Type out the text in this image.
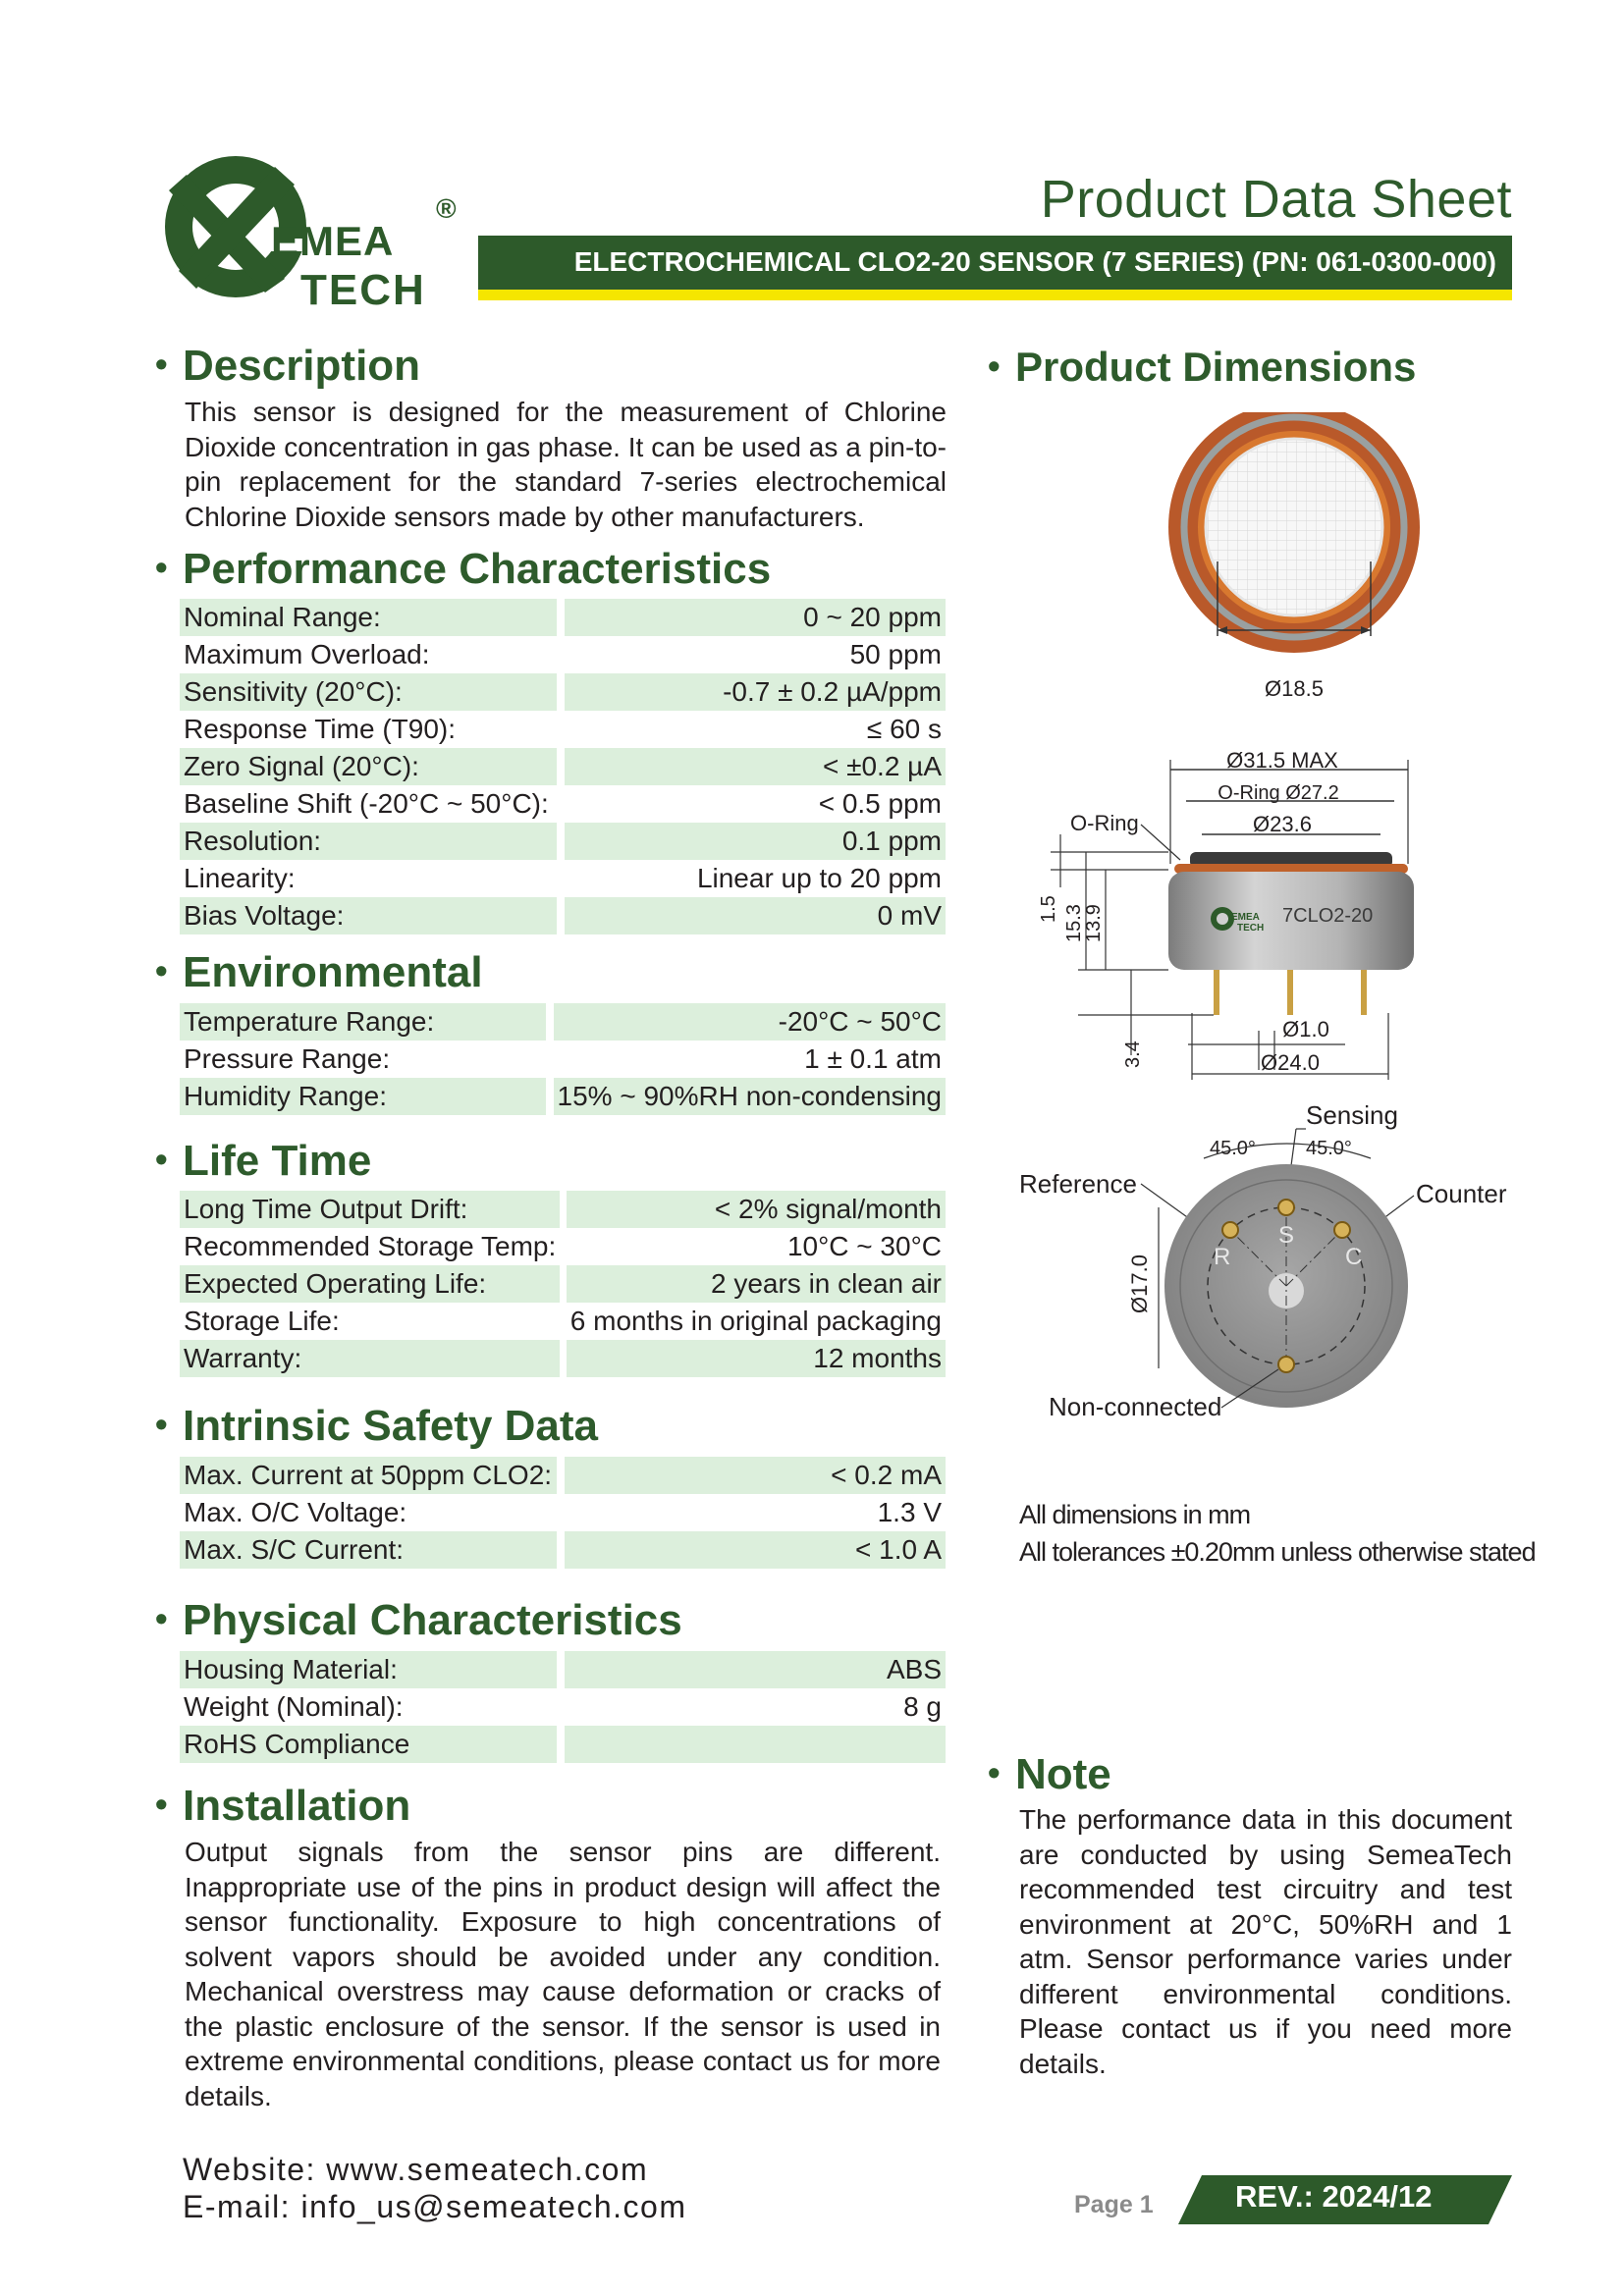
EMEA
TECH
®	Product Data Sheet
ELECTROCHEMICAL CLO2-20 SENSOR (7 SERIES) (PN: 061-0300-000)
• Description
This sensor is designed for the measurement of Chlorine Dioxide concentration in gas phase. It can be used as a pin-to-pin replacement for the standard 7-series electrochemical Chlorine Dioxide sensors made by other manufacturers.
• Performance Characteristics
Nominal Range:		0 ~ 20 ppm
Maximum Overload:		50 ppm
Sensitivity (20°C):		-0.7 ± 0.2 µA/ppm
Response Time (T90):		≤ 60 s
Zero Signal (20°C):		< ±0.2 µA
Baseline Shift (-20°C ~ 50°C):		< 0.5 ppm
Resolution:		0.1 ppm
Linearity:		Linear up to 20 ppm
Bias Voltage:		0 mV
• Environmental
Temperature Range:		-20°C ~ 50°C
Pressure Range:		1 ± 0.1 atm
Humidity Range:		15% ~ 90%RH non-condensing
• Life Time
Long Time Output Drift:		< 2% signal/month
Recommended Storage Temp:		10°C ~ 30°C
Expected Operating Life:		2 years in clean air
Storage Life:		6 months in original packaging
Warranty:		12 months
• Intrinsic Safety Data
Max. Current at 50ppm CLO2:		< 0.2 mA
Max. O/C Voltage:		1.3 V
Max. S/C Current:		< 1.0 A
• Physical Characteristics
Housing Material:		ABS
Weight (Nominal):		8 g
RoHS Compliance		
• Installation
Output signals from the sensor pins are different. Inappropriate use of the pins in product design will affect the sensor functionality. Exposure to high concentrations of solvent vapors should be avoided under any condition. Mechanical overstress may cause deformation or cracks of the plastic enclosure of the sensor. If the sensor is used in extreme environmental conditions, please contact us for more details.
• Product Dimensions
Ø18.5
Ø31.5 MAX
O-Ring Ø27.2
Ø23.6
O-Ring
EMEA
TECH
7CLO2-20
1.5 15.3
13.9
3.4
Ø1.0
Ø24.0
Sensing
45.0°	45.0°
Reference	Counter
R
S
C
Ø17.0
Non-connected
All dimensions in mm
All tolerances ±0.20mm unless otherwise stated
• Note
The performance data in this document are conducted by using SemeaTech recommended test circuitry and test environment at 20°C, 50%RH and 1 atm. Sensor performance varies under different environmental conditions. Please contact us if you need more details.
Website: www.semeatech.com
E-mail: info_us@semeatech.com	Page 1	REV.: 2024/12
